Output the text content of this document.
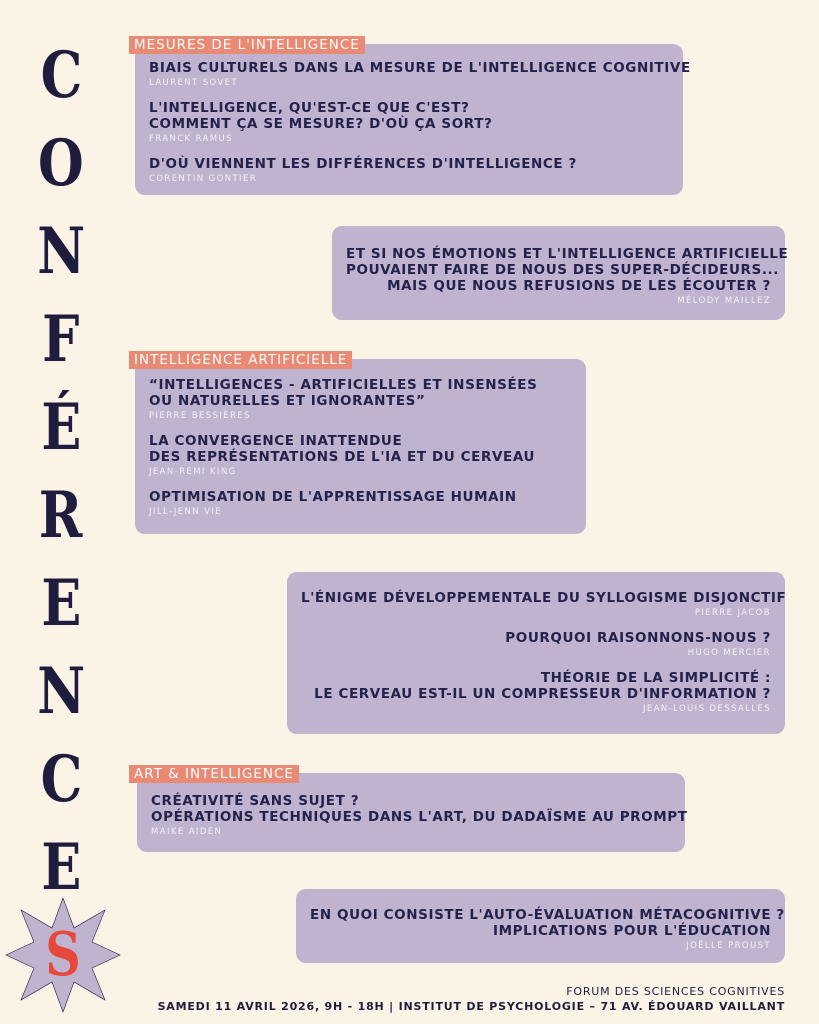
C
O
N
F
É
R
E
N
C
E
S
BIAIS CULTURELS DANS LA MESURE DE L'INTELLIGENCE COGNITIVE
LAURENT SOVET
L'INTELLIGENCE, QU'EST-CE QUE C'EST?
COMMENT ÇA SE MESURE? D'OÙ ÇA SORT?
FRANCK RAMUS
D'OÙ VIENNENT LES DIFFÉRENCES D'INTELLIGENCE ?
CORENTIN GONTIER
MESURES DE L'INTELLIGENCE
ET SI NOS ÉMOTIONS ET L'INTELLIGENCE ARTIFICIELLE
POUVAIENT FAIRE DE NOUS DES SUPER-DÉCIDEURS...
MAIS QUE NOUS REFUSIONS DE LES ÉCOUTER ?
MÉLODY MAILLEZ
“INTELLIGENCES - ARTIFICIELLES ET INSENSÉES
OU NATURELLES ET IGNORANTES”
PIERRE BESSIÈRES
LA CONVERGENCE INATTENDUE
DES REPRÉSENTATIONS DE L'IA ET DU CERVEAU
JEAN-RÉMI KING
OPTIMISATION DE L'APPRENTISSAGE HUMAIN
JILL-JENN VIE
INTELLIGENCE ARTIFICIELLE
L'ÉNIGME DÉVELOPPEMENTALE DU SYLLOGISME DISJONCTIF
PIERRE JACOB
POURQUOI RAISONNONS-NOUS ?
HUGO MERCIER
THÉORIE DE LA SIMPLICITÉ :
LE CERVEAU EST-IL UN COMPRESSEUR D'INFORMATION ?
JEAN-LOUIS DESSALLES
CRÉATIVITÉ SANS SUJET ?
OPÉRATIONS TECHNIQUES DANS L'ART, DU DADAÏSME AU PROMPT
MAIKE AIDEN
ART & INTELLIGENCE
EN QUOI CONSISTE L'AUTO-ÉVALUATION MÉTACOGNITIVE ?
IMPLICATIONS POUR L'ÉDUCATION
JOËLLE PROUST
FORUM DES SCIENCES COGNITIVES
SAMEDI 11 AVRIL 2026, 9H - 18H | INSTITUT DE PSYCHOLOGIE – 71 AV. ÉDOUARD VAILLANT
